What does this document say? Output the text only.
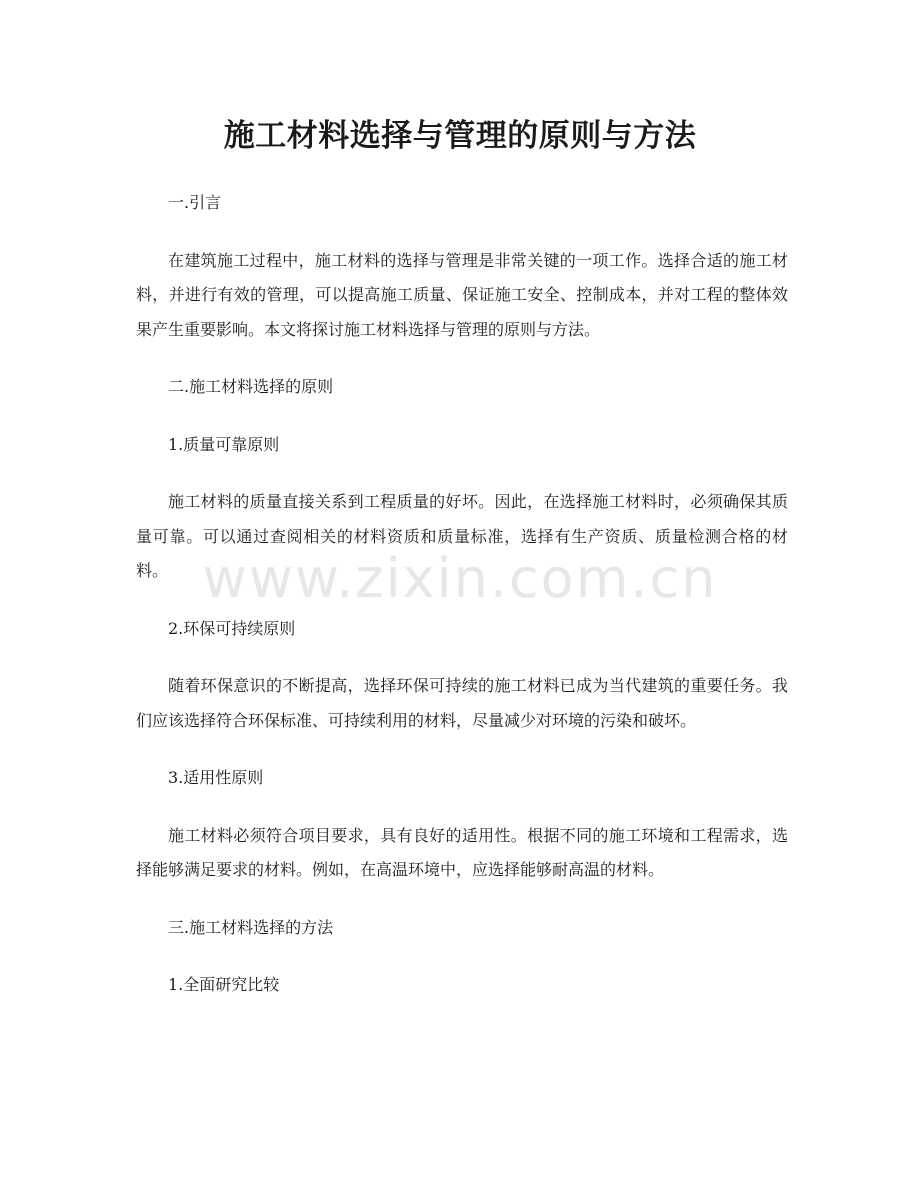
施工材料选择与管理的原则与方法

一.引言

在建筑施工过程中，施工材料的选择与管理是非常关键的一项工作。选择合适的施工材料，并进行有效的管理，可以提高施工质量、保证施工安全、控制成本，并对工程的整体效果产生重要影响。本文将探讨施工材料选择与管理的原则与方法。

二.施工材料选择的原则

1.质量可靠原则

施工材料的质量直接关系到工程质量的好坏。因此，在选择施工材料时，必须确保其质量可靠。可以通过查阅相关的材料资质和质量标准，选择有生产资质、质量检测合格的材料。

2.环保可持续原则

随着环保意识的不断提高，选择环保可持续的施工材料已成为当代建筑的重要任务。我们应该选择符合环保标准、可持续利用的材料，尽量减少对环境的污染和破坏。

3.适用性原则

施工材料必须符合项目要求，具有良好的适用性。根据不同的施工环境和工程需求，选择能够满足要求的材料。例如，在高温环境中，应选择能够耐高温的材料。

三.施工材料选择的方法

1.全面研究比较

www.zixin.com.cn
